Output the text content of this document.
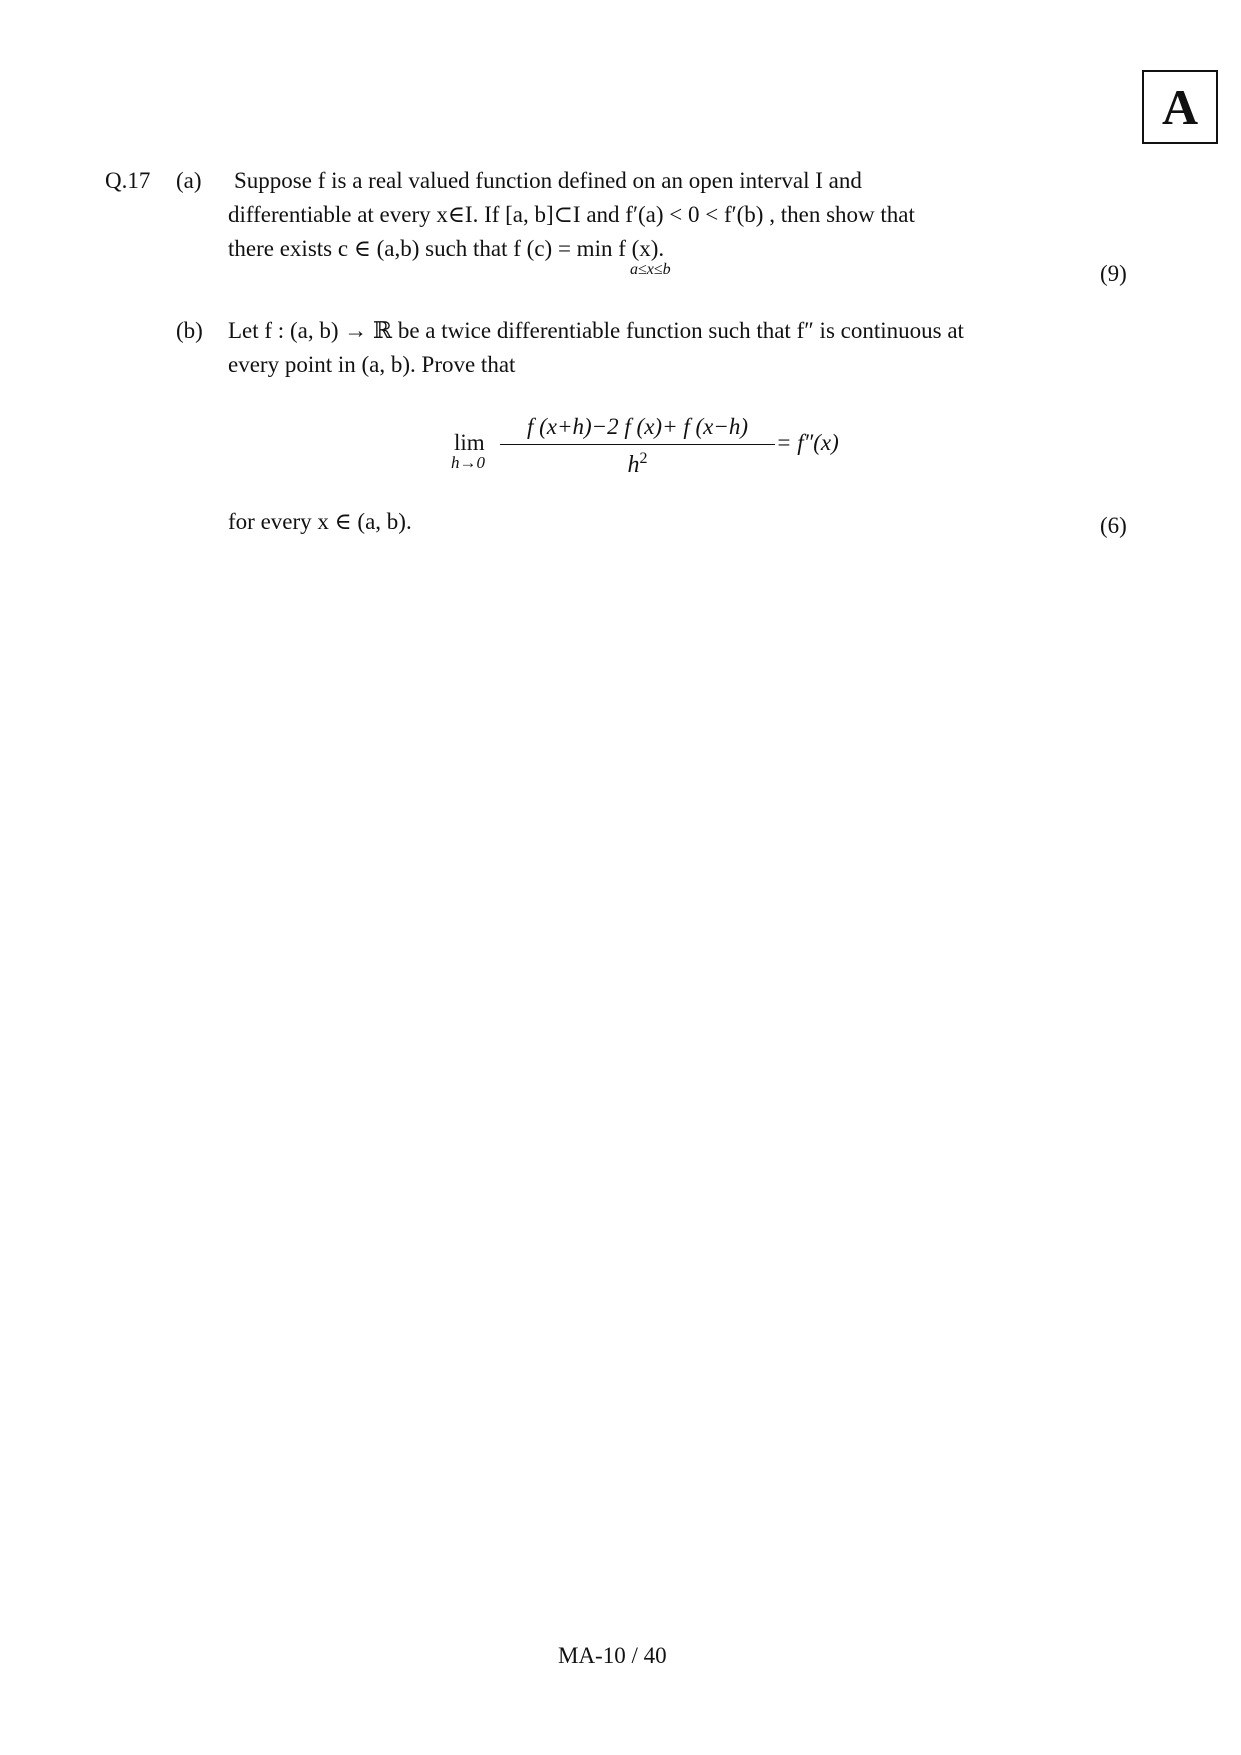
A
Q.17 (a) Suppose f is a real valued function defined on an open interval I and
differentiable at every x∈I. If [a, b]⊂I and f′(a) < 0 < f′(b) , then show that
there exists c ∈ (a,b) such that f (c) = min f (x).
a≤x≤b	(9)
(b) Let f : (a, b) → ℝ be a twice differentiable function such that f″ is continuous at
every point in (a, b). Prove that
lim
h→0
f (x+h)−2 f (x)+ f (x−h)
$h^2$
= f″(x)
for every x ∈ (a, b).	(6)
MA-10 / 40
